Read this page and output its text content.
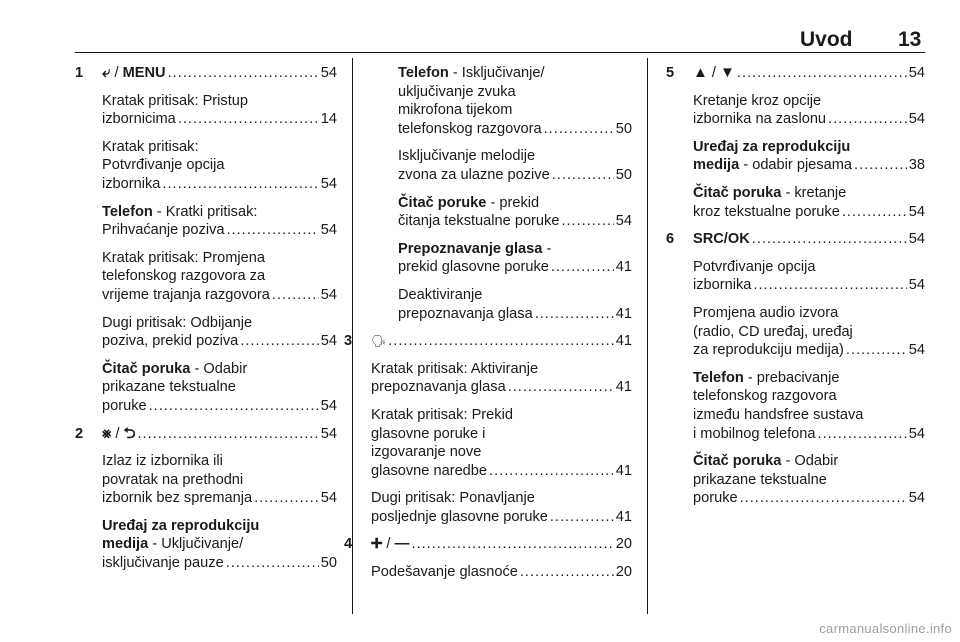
Uvod 13
1	⤶ / MENU .....	54
Kratak pritisak: Pristup
izbornicima .....	14
Kratak pritisak:
Potvrđivanje opcija
izbornika .....	54
Telefon - Kratki pritisak:
Prihvaćanje poziva .....	54
Kratak pritisak: Promjena
telefonskog razgovora za
vrijeme trajanja razgovora .....	54
Dugi pritisak: Odbijanje
poziva, prekid poziva .....	54
Čitač poruka - Odabir
prikazane tekstualne
poruke .....	54
2	⨳ / ⮌ .....	54
Izlaz iz izbornika ili
povratak na prethodni
izbornik bez spremanja .....	54
Uređaj za reprodukciju
medija - Uključivanje/
isključivanje pauze .....	50
Telefon - Isključivanje/
uključivanje zvuka
mikrofona tijekom
telefonskog razgovora .....	50
Isključivanje melodije
zvona za ulazne pozive .....	50
Čitač poruke - prekid
čitanja tekstualne poruke .....	54
Prepoznavanje glasa -
prekid glasovne poruke .....	41
Deaktiviranje
prepoznavanja glasa .....	41
3	🗣 .....	41
Kratak pritisak: Aktiviranje
prepoznavanja glasa .....	41
Kratak pritisak: Prekid
glasovne poruke i
izgovaranje nove
glasovne naredbe .....	41
Dugi pritisak: Ponavljanje
posljednje glasovne poruke .....	41
4	➕︎ / — .....	20
Podešavanje glasnoće .....	20
5	▲ / ▼ .....	54
Kretanje kroz opcije
izbornika na zaslonu .....	54
Uređaj za reprodukciju
medija - odabir pjesama .....	38
Čitač poruka - kretanje
kroz tekstualne poruke .....	54
6	SRC/OK .....	54
Potvrđivanje opcija
izbornika .....	54
Promjena audio izvora
(radio, CD uređaj, uređaj
za reprodukciju medija) .....	54
Telefon - prebacivanje
telefonskog razgovora
između handsfree sustava
i mobilnog telefona .....	54
Čitač poruka - Odabir
prikazane tekstualne
poruke .....	54
carmanualsonline.info
